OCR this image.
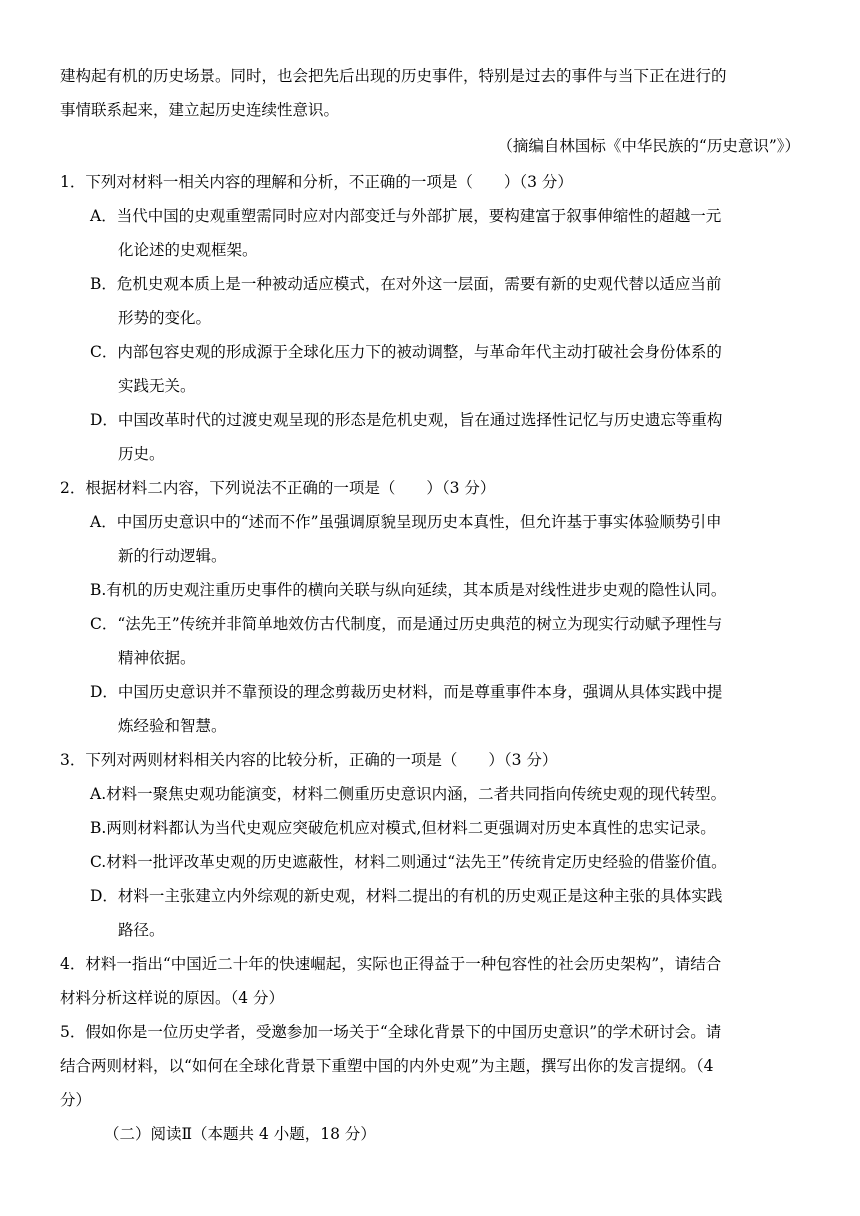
建构起有机的历史场景。同时，也会把先后出现的历史事件，特别是过去的事件与当下正在进行的
事情联系起来，建立起历史连续性意识。
（摘编自林国标《中华民族的“历史意识”》）
1．下列对材料一相关内容的理解和分析，不正确的一项是（　　）（3 分）
A．当代中国的史观重塑需同时应对内部变迁与外部扩展，要构建富于叙事伸缩性的超越一元
化论述的史观框架。
B．危机史观本质上是一种被动适应模式，在对外这一层面，需要有新的史观代替以适应当前
形势的变化。
C．内部包容史观的形成源于全球化压力下的被动调整，与革命年代主动打破社会身份体系的
实践无关。
D．中国改革时代的过渡史观呈现的形态是危机史观，旨在通过选择性记忆与历史遗忘等重构
历史。
2．根据材料二内容，下列说法不正确的一项是（　　）（3 分）
A．中国历史意识中的“述而不作”虽强调原貌呈现历史本真性，但允许基于事实体验顺势引申
新的行动逻辑。
B.有机的历史观注重历史事件的横向关联与纵向延续，其本质是对线性进步史观的隐性认同。
C．“法先王”传统并非简单地效仿古代制度，而是通过历史典范的树立为现实行动赋予理性与
精神依据。
D．中国历史意识并不靠预设的理念剪裁历史材料，而是尊重事件本身，强调从具体实践中提
炼经验和智慧。
3．下列对两则材料相关内容的比较分析，正确的一项是（　　）（3 分）
A.材料一聚焦史观功能演变，材料二侧重历史意识内涵，二者共同指向传统史观的现代转型。
B.两则材料都认为当代史观应突破危机应对模式,但材料二更强调对历史本真性的忠实记录。
C.材料一批评改革史观的历史遮蔽性，材料二则通过“法先王”传统肯定历史经验的借鉴价值。
D．材料一主张建立内外综观的新史观，材料二提出的有机的历史观正是这种主张的具体实践
路径。
4．材料一指出“中国近二十年的快速崛起，实际也正得益于一种包容性的社会历史架构”，请结合
材料分析这样说的原因。（4 分）
5．假如你是一位历史学者，受邀参加一场关于“全球化背景下的中国历史意识”的学术研讨会。请
结合两则材料，以“如何在全球化背景下重塑中国的内外史观”为主题，撰写出你的发言提纲。（4
分）
（二）阅读Ⅱ（本题共 4 小题，18 分）
